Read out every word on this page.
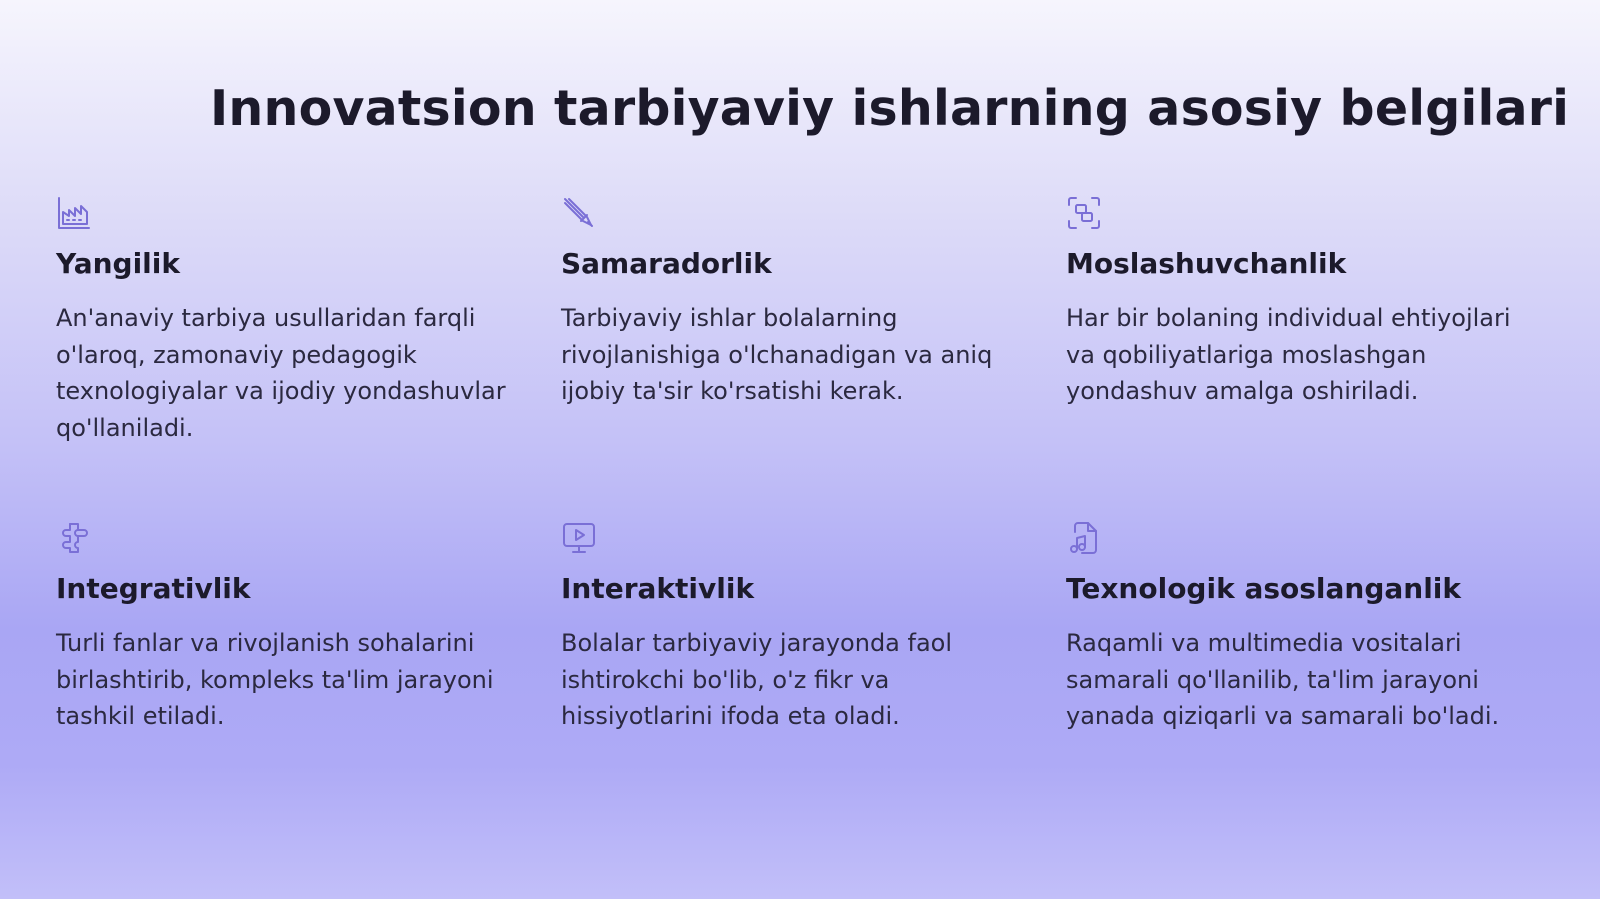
Innovatsion tarbiyaviy ishlarning asosiy belgilari
Yangilik
An'anaviy tarbiya usullaridan farqli o'laroq, zamonaviy pedagogik texnologiyalar va ijodiy yondashuvlar qo'llaniladi.
Samaradorlik
Tarbiyaviy ishlar bolalarning rivojlanishiga o'lchanadigan va aniq ijobiy ta'sir ko'rsatishi kerak.
Moslashuvchanlik
Har bir bolaning individual ehtiyojlari va qobiliyatlariga moslashgan yondashuv amalga oshiriladi.
Integrativlik
Turli fanlar va rivojlanish sohalarini birlashtirib, kompleks ta'lim jarayoni tashkil etiladi.
Interaktivlik
Bolalar tarbiyaviy jarayonda faol ishtirokchi bo'lib, o'z fikr va hissiyotlarini ifoda eta oladi.
Texnologik asoslanganlik
Raqamli va multimedia vositalari samarali qo'llanilib, ta'lim jarayoni yanada qiziqarli va samarali bo'ladi.
